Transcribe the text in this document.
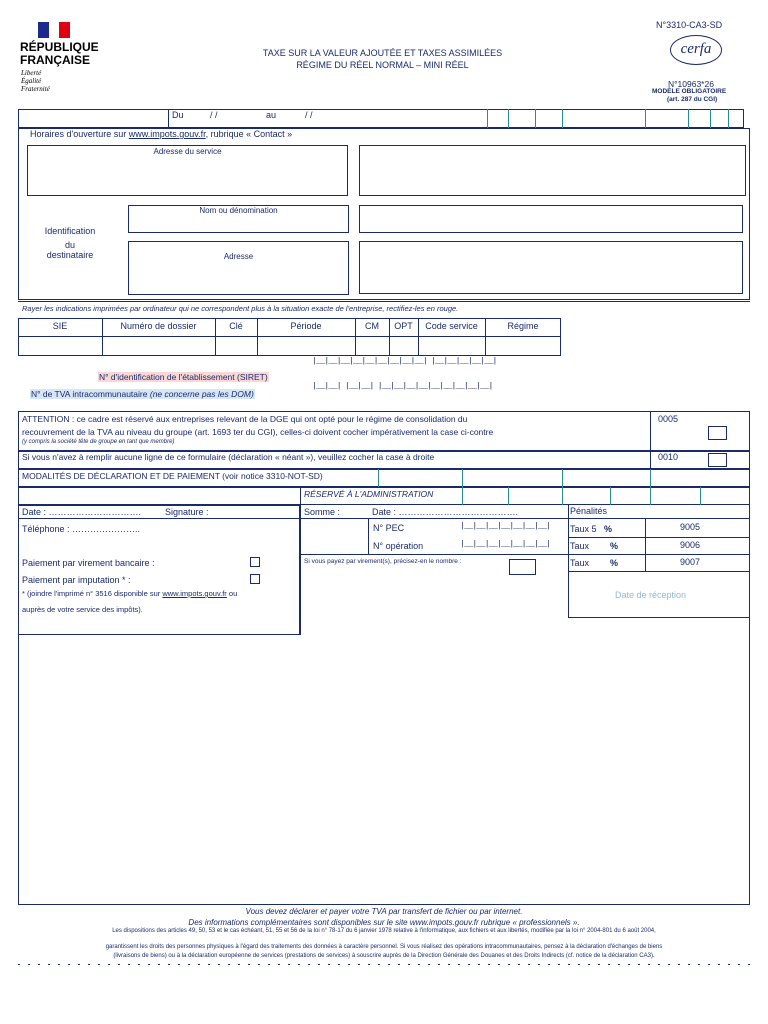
RÉPUBLIQUE
FRANÇAISE
Liberté
Égalité
Fraternité
TAXE SUR LA VALEUR AJOUTÉE ET TAXES ASSIMILÉES
RÉGIME DU RÉEL NORMAL – MINI RÉEL
N°3310-CA3-SD
cerfa
N°10963*26
MODÈLE OBLIGATOIRE
(art. 287 du CGI)
Du	/ /	au	/ /
Horaires d'ouverture sur www.impots.gouv.fr, rubrique « Contact »
Adresse du service
Identification
du
destinataire
Nom ou dénomination
Adresse
Rayer les indications imprimées par ordinateur qui ne correspondent plus à la situation exacte de l'entreprise, rectifiez-les en rouge.
SIE	Numéro de dossier	Clé	Période	CM	OPT	Code service	Régime
N° d'identification de l'établissement (SIRET)
|__|__|__|__|__|__|__|__|__| |__|__|__|__|__|
N° de TVA intracommunautaire (ne concerne pas les DOM)
|__|__| |__|__| |__|__|__|__|__|__|__|__|__|
ATTENTION : ce cadre est réservé aux entreprises relevant de la DGE qui ont opté pour le régime de consolidation du
recouvrement de la TVA au niveau du groupe (art. 1693 ter du CGI), celles-ci doivent cocher impérativement la case ci-contre
(y compris la société tête de groupe en tant que membre)
0005
Si vous n'avez à remplir aucune ligne de ce formulaire (déclaration « néant »), veuillez cocher la case à droite	0010
MODALITÉS DE DÉCLARATION ET DE PAIEMENT (voir notice 3310-NOT-SD)
RÉSERVÉ À L'ADMINISTRATION
Date : ………………………….	Signature :
Téléphone : …………………..
Paiement par virement bancaire :
Paiement par imputation * :
* (joindre l'imprimé n° 3516 disponible sur www.impots.gouv.fr ou
auprès de votre service des impôts).
Somme :	Date : ………………………………….
N° PEC	|__|__|__|__|__|__|__|
N° opération	|__|__|__|__|__|__|__|
Si vous payez par virement(s), précisez-en le nombre :
Pénalités
Taux 5 %	9005
Taux %	9006
Taux %	9007
Date de réception
Vous devez déclarer et payer votre TVA par transfert de fichier ou par internet.
Des informations complémentaires sont disponibles sur le site www.impots.gouv.fr rubrique « professionnels ».
Les dispositions des articles 49, 50, 53 et le cas échéant, 51, 55 et 56 de la loi n° 78-17 du 6 janvier 1978 relative à l'informatique, aux fichiers et aux libertés, modifiée par la loi n° 2004-801 du 6 août 2004,
garantissent les droits des personnes physiques à l'égard des traitements des données à caractère personnel. Si vous réalisez des opérations intracommunautaires, pensez à la déclaration d'échanges de biens
(livraisons de biens) ou à la déclaration européenne de services (prestations de services) à souscrire auprès de la Direction Générale des Douanes et des Droits Indirects (cf. notice de la déclaration CA3).
